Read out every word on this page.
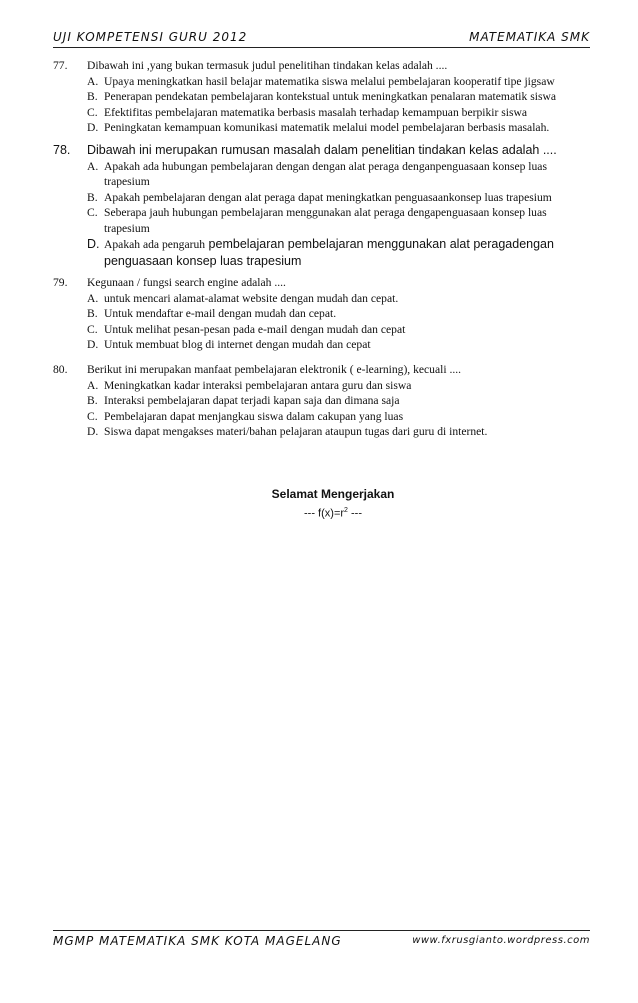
UJI KOMPETENSI GURU 2012	MATEMATIKA SMK
77. Dibawah ini ,yang bukan termasuk judul penelitihan tindakan kelas adalah ....
A. Upaya meningkatkan hasil belajar matematika siswa melalui pembelajaran kooperatif tipe jigsaw
B. Penerapan pendekatan pembelajaran kontekstual untuk meningkatkan penalaran matematik siswa
C. Efektifitas pembelajaran matematika berbasis masalah terhadap kemampuan berpikir siswa
D. Peningkatan kemampuan komunikasi matematik melalui model pembelajaran berbasis masalah.
78. Dibawah ini merupakan rumusan masalah dalam penelitian tindakan kelas adalah ....
A. Apakah ada hubungan pembelajaran dengan dengan alat peraga denganpenguasaan konsep luas trapesium
B. Apakah pembelajaran dengan alat peraga dapat meningkatkan penguasaankonsep luas trapesium
C. Seberapa jauh hubungan pembelajaran menggunakan alat peraga dengapenguasaan konsep luas trapesium
D. Apakah ada pengaruh pembelajaran pembelajaran menggunakan alat peragadengan penguasaan konsep luas trapesium
79. Kegunaan / fungsi search engine adalah ....
A. untuk mencari alamat-alamat website dengan mudah dan cepat.
B. Untuk mendaftar e-mail dengan mudah dan cepat.
C. Untuk melihat pesan-pesan pada e-mail dengan mudah dan cepat
D. Untuk membuat blog di internet dengan mudah dan cepat
80. Berikut ini merupakan manfaat pembelajaran elektronik ( e-learning), kecuali ....
A. Meningkatkan kadar interaksi pembelajaran antara guru dan siswa
B. Interaksi pembelajaran dapat terjadi kapan saja dan dimana saja
C. Pembelajaran dapat menjangkau siswa dalam cakupan yang luas
D. Siswa dapat mengakses materi/bahan pelajaran ataupun tugas dari guru di internet.
Selamat Mengerjakan
--- $f(x)=r^2$ ---
MGMP MATEMATIKA SMK KOTA MAGELANG	www.fxrusgianto.wordpress.com
